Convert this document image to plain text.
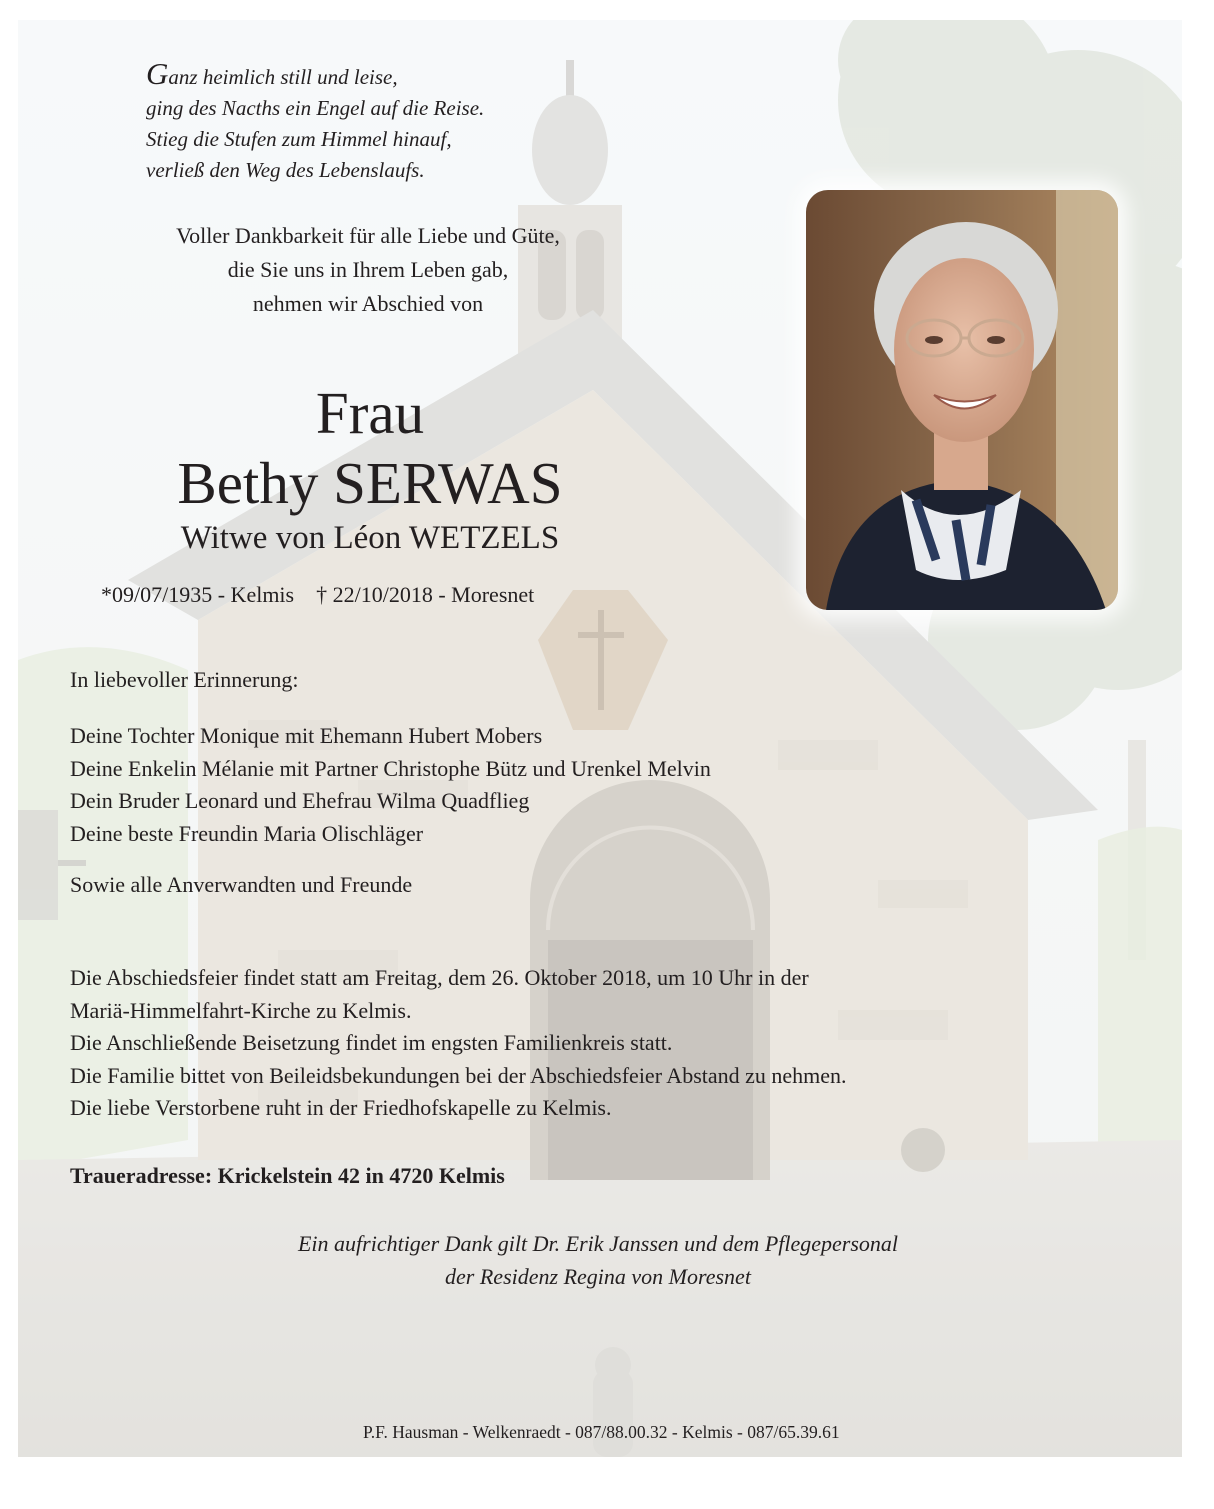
Ganz heimlich still und leise,
ging des Nacths ein Engel auf die Reise.
Stieg die Stufen zum Himmel hinauf,
verließ den Weg des Lebenslaufs.
Voller Dankbarkeit für alle Liebe und Güte,
die Sie uns in Ihrem Leben gab,
nehmen wir Abschied von
Frau
Bethy SERWAS
Witwe von Léon WETZELS
*09/07/1935 - Kelmis † 22/10/2018 - Moresnet
In liebevoller Erinnerung:
Deine Tochter Monique mit Ehemann Hubert Mobers
Deine Enkelin Mélanie mit Partner Christophe Bütz und Urenkel Melvin
Dein Bruder Leonard und Ehefrau Wilma Quadflieg
Deine beste Freundin Maria Olischläger
Sowie alle Anverwandten und Freunde
Die Abschiedsfeier findet statt am Freitag, dem 26. Oktober 2018, um 10 Uhr in der
Mariä-Himmelfahrt-Kirche zu Kelmis.
Die Anschließende Beisetzung findet im engsten Familienkreis statt.
Die Familie bittet von Beileidsbekundungen bei der Abschiedsfeier Abstand zu nehmen.
Die liebe Verstorbene ruht in der Friedhofskapelle zu Kelmis.
Traueradresse: Krickelstein 42 in 4720 Kelmis
Ein aufrichtiger Dank gilt Dr. Erik Janssen und dem Pflegepersonal
der Residenz Regina von Moresnet
P.F. Hausman - Welkenraedt - 087/88.00.32 - Kelmis - 087/65.39.61
